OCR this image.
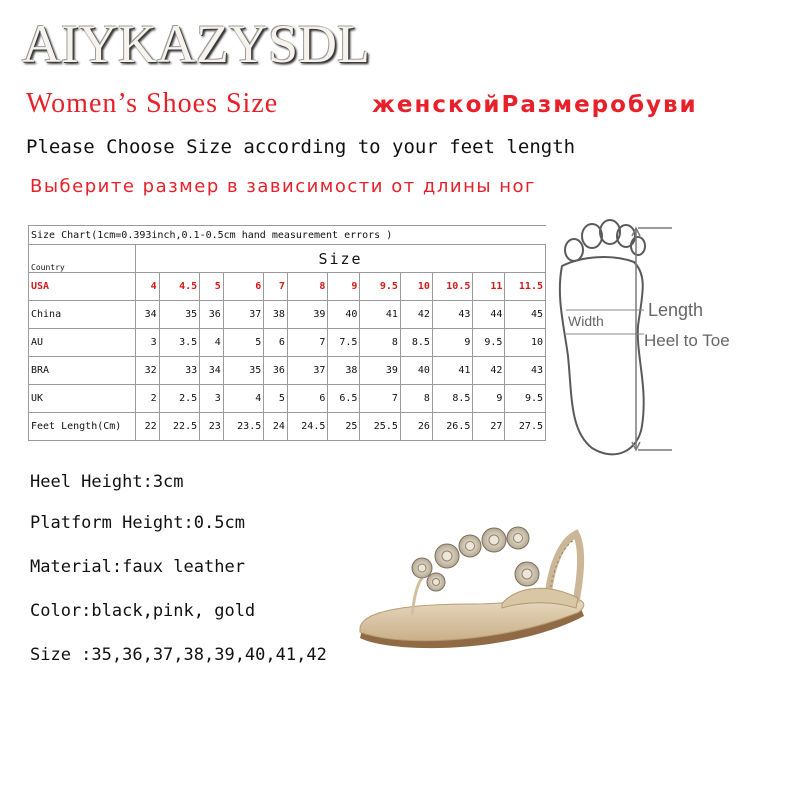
AIYKAZYSDL
Women’s Shoes Size	женскойРазмеробуви
Please Choose Size according to your feet length
Выберите размер в зависимости от длины ног
Size Chart(1cm=0.393inch,0.1-0.5cm hand measurement errors )												
Country	Size											
USA	4	4.5	5	6	7	8	9	9.5	10	10.5	11	11.5
China	34	35	36	37	38	39	40	41	42	43	44	45
AU	3	3.5	4	5	6	7	7.5	8	8.5	9	9.5	10
BRA	32	33	34	35	36	37	38	39	40	41	42	43
UK	2	2.5	3	4	5	6	6.5	7	8	8.5	9	9.5
Feet Length(Cm)	22	22.5	23	23.5	24	24.5	25	25.5	26	26.5	27	27.5
Width
Length
Heel to Toe
Heel Height:3cm
Platform Height:0.5cm
Material:faux leather
Color:black,pink, gold
Size :35,36,37,38,39,40,41,42
